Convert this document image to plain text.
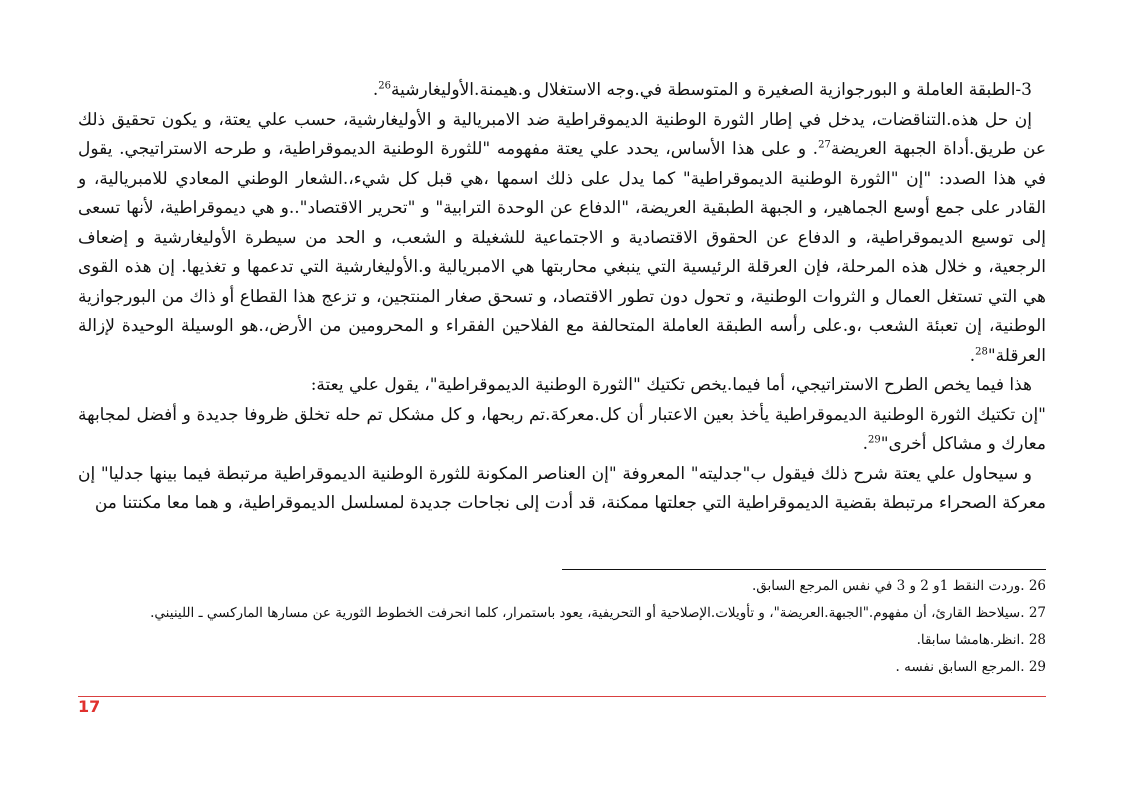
3-الطبقة العاملة و البورجوازية الصغيرة و المتوسطة في.وجه الاستغلال و.هيمنة.الأوليغارشية$^{26}$.

إن حل هذه.التناقضات، يدخل في إطار الثورة الوطنية الديموقراطية ضد الامبريالية و الأوليغارشية، حسب علي يعتة، و يكون تحقيق ذلك عن طريق.أداة الجبهة العريضة$^{27}$. و على هذا الأساس، يحدد علي يعتة مفهومه "للثورة الوطنية الديموقراطية، و طرحه الاستراتيجي. يقول في هذا الصدد: "إن "الثورة الوطنية الديموقراطية" كما يدل على ذلك اسمها ،هي قبل كل شيء،.الشعار الوطني المعادي للامبريالية، و القادر على جمع أوسع الجماهير، و الجبهة الطبقية العريضة، "الدفاع عن الوحدة الترابية" و "تحرير الاقتصاد"..و هي ديموقراطية، لأنها تسعى إلى توسيع الديموقراطية، و الدفاع عن الحقوق الاقتصادية و الاجتماعية للشغيلة و الشعب، و الحد من سيطرة الأوليغارشية و إضعاف الرجعية، و خلال هذه المرحلة، فإن العرقلة الرئيسية التي ينبغي محاربتها هي الامبريالية و.الأوليغارشية التي تدعمها و تغذيها. إن هذه القوى هي التي تستغل العمال و الثروات الوطنية، و تحول دون تطور الاقتصاد، و تسحق صغار المنتجين، و تزعج هذا القطاع أو ذاك من البورجوازية الوطنية، إن تعبئة الشعب ،و.على رأسه الطبقة العاملة المتحالفة مع الفلاحين الفقراء و المحرومين من الأرض،.هو الوسيلة الوحيدة لإزالة العرقلة"$^{28}$.

هذا فيما يخص الطرح الاستراتيجي، أما فيما.يخص تكتيك "الثورة الوطنية الديموقراطية"، يقول علي يعتة:

"إن تكتيك الثورة الوطنية الديموقراطية يأخذ بعين الاعتبار أن كل.معركة.تم ربحها، و كل مشكل تم حله تخلق ظروفا جديدة و أفضل لمجابهة معارك و مشاكل أخرى"$^{29}$.

و سيحاول علي يعتة شرح ذلك فيقول ب"جدليته" المعروفة "إن العناصر المكونة للثورة الوطنية الديموقراطية مرتبطة فيما بينها جدليا" إن معركة الصحراء مرتبطة بقضية الديموقراطية التي جعلتها ممكنة، قد أدت إلى نجاحات جديدة لمسلسل الديموقراطية، و هما معا مكنتنا من

26 .وردت النقط 1و 2 و 3 في نفس المرجع السابق.

27 .سيلاحظ القارئ، أن مفهوم."الجبهة.العريضة"، و تأويلات.الإصلاحية أو التحريفية، يعود باستمرار، كلما انحرفت الخطوط الثورية عن مسارها الماركسي ـ اللينيني.

28 .انظر.هامشا سابقا.

29 .المرجع السابق نفسه .

17
